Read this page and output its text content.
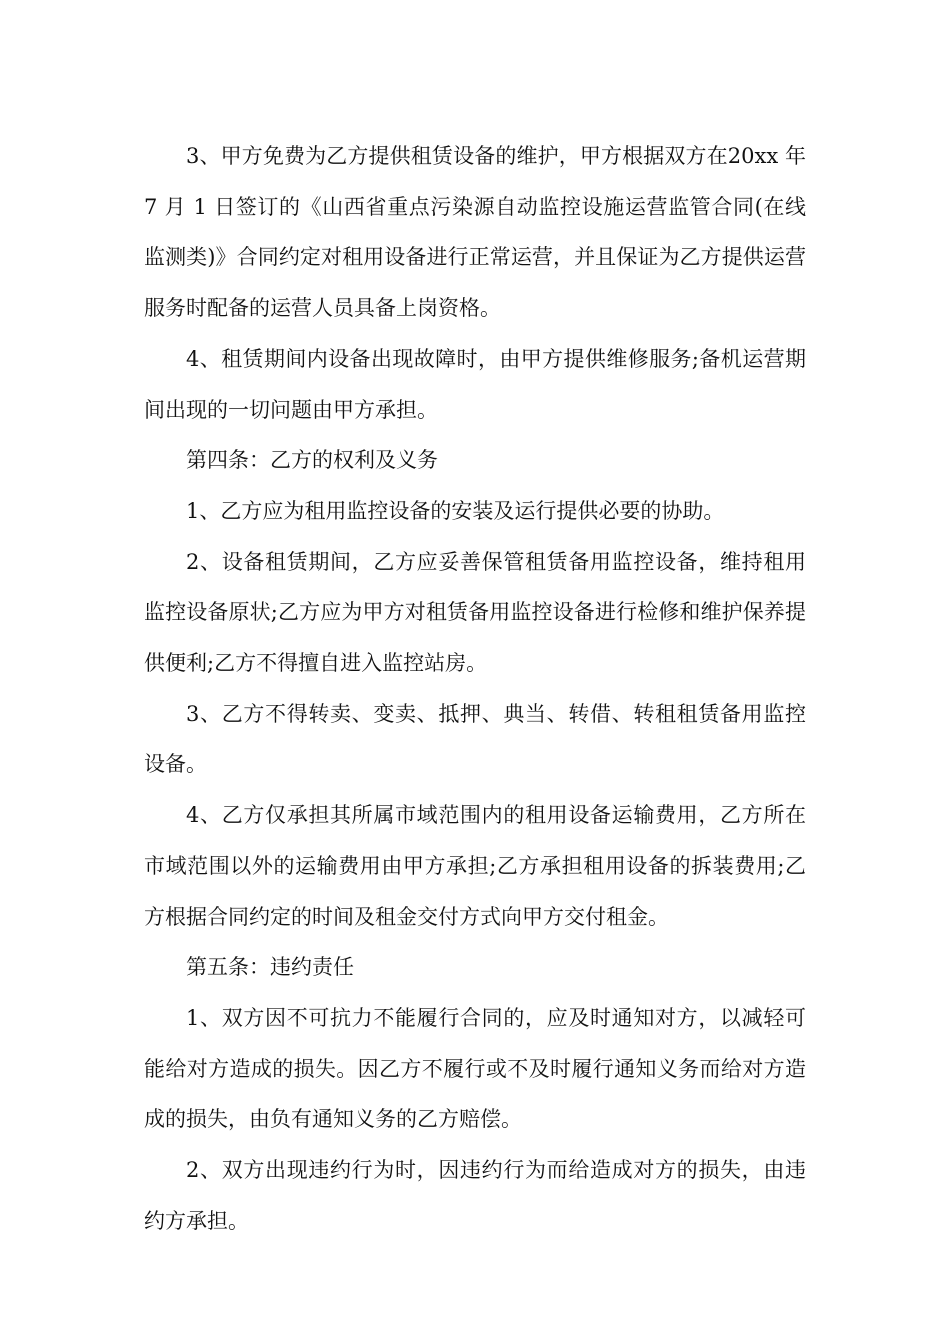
3、甲方免费为乙方提供租赁设备的维护，甲方根据双方在20xx 年7 月 1 日签订的《山西省重点污染源自动监控设施运营监管合同(在线监测类)》合同约定对租用设备进行正常运营，并且保证为乙方提供运营服务时配备的运营人员具备上岗资格。

4、租赁期间内设备出现故障时，由甲方提供维修服务;备机运营期间出现的一切问题由甲方承担。

第四条：乙方的权利及义务

1、乙方应为租用监控设备的安装及运行提供必要的协助。

2、设备租赁期间，乙方应妥善保管租赁备用监控设备，维持租用监控设备原状;乙方应为甲方对租赁备用监控设备进行检修和维护保养提供便利;乙方不得擅自进入监控站房。

3、乙方不得转卖、变卖、抵押、典当、转借、转租租赁备用监控设备。

4、乙方仅承担其所属市域范围内的租用设备运输费用，乙方所在市域范围以外的运输费用由甲方承担;乙方承担租用设备的拆装费用;乙方根据合同约定的时间及租金交付方式向甲方交付租金。

第五条：违约责任

1、双方因不可抗力不能履行合同的，应及时通知对方，以减轻可能给对方造成的损失。因乙方不履行或不及时履行通知义务而给对方造成的损失，由负有通知义务的乙方赔偿。

2、双方出现违约行为时，因违约行为而给造成对方的损失，由违约方承担。
